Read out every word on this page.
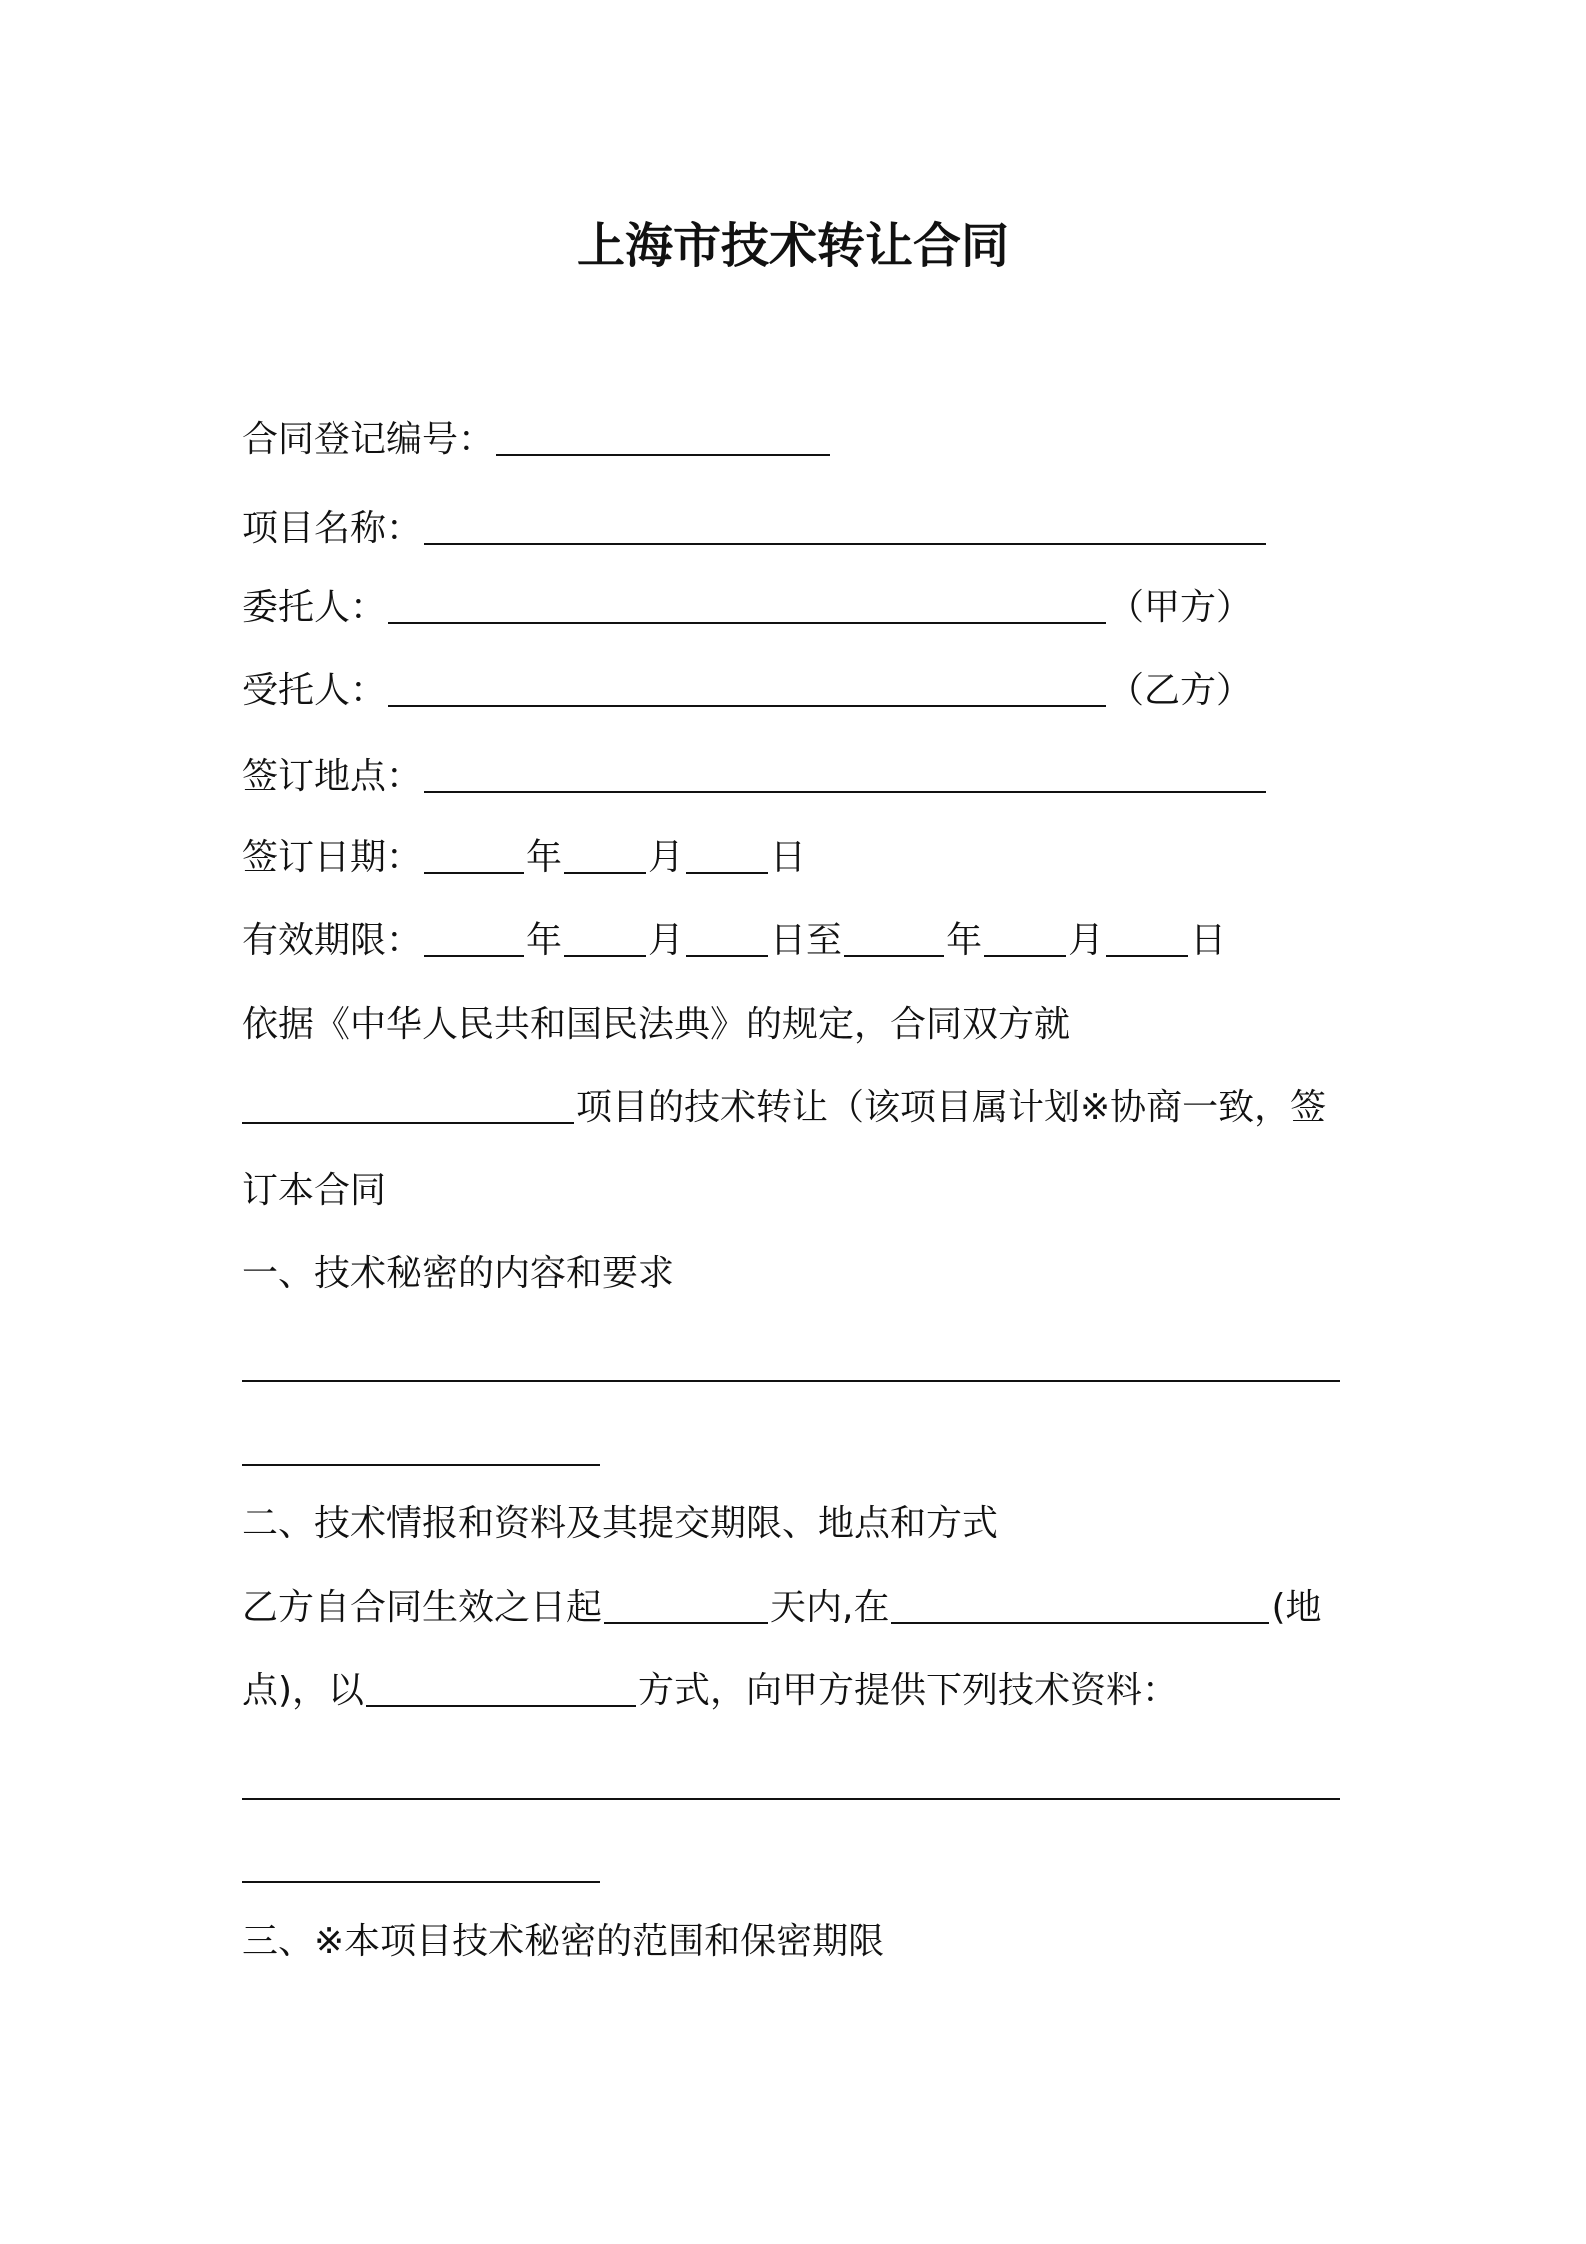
上海市技术转让合同
合同登记编号：
项目名称：
委托人：	（甲方）
受托人：	（乙方）
签订地点：
签订日期：	年 月 日
有效期限：	年 月 日至	年 月 日
依据《中华人民共和国民法典》的规定，合同双方就
项目的技术转让（该项目属计划※协商一致，签
订本合同
一、技术秘密的内容和要求
二、技术情报和资料及其提交期限、地点和方式
乙方自合同生效之日起	天内,在	(地
点)，以	方式，向甲方提供下列技术资料：
三、※本项目技术秘密的范围和保密期限
